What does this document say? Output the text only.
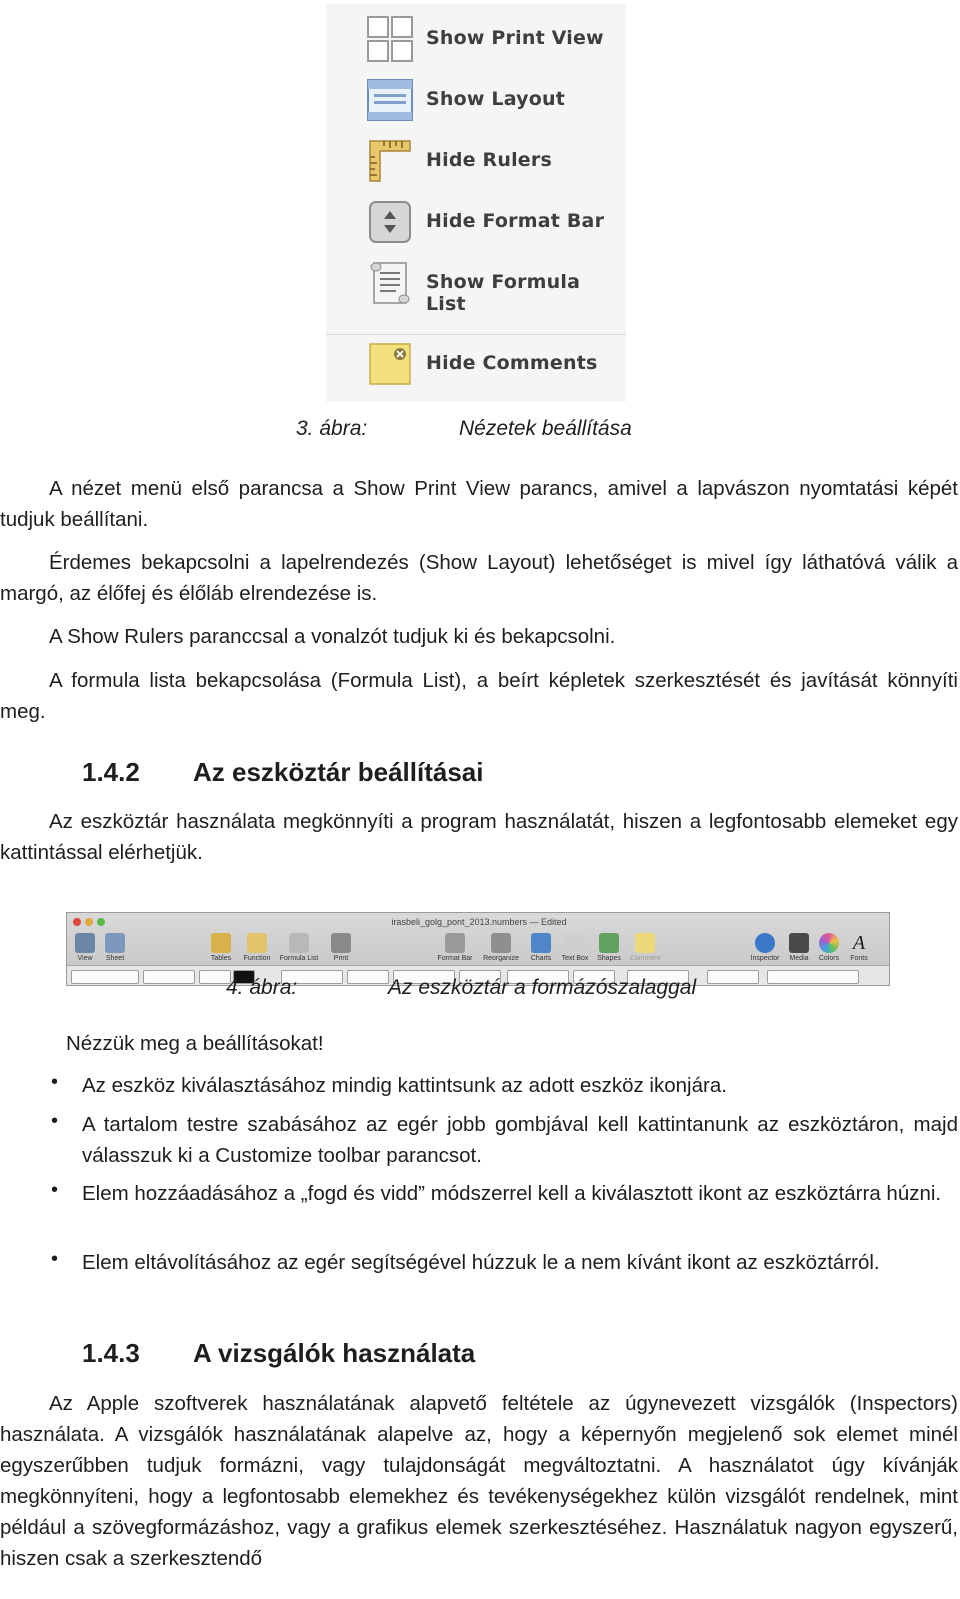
Show Print View
Show Layout
Hide Rulers
Hide Format Bar
Show Formula List
Hide Comments
3. ábra:	Nézetek beállítása

A nézet menü első parancsa a Show Print View parancs, amivel a lapvászon nyomtatási képét tudjuk beállítani.

Érdemes bekapcsolni a lapelrendezés (Show Layout) lehetőséget is mivel így láthatóvá válik a margó, az élőfej és élőláb elrendezése is.

A Show Rulers paranccsal a vonalzót tudjuk ki és bekapcsolni.

A formula lista bekapcsolása (Formula List), a beírt képletek szerkesztését és javítását könnyíti meg.

1.4.2 Az eszköztár beállításai

Az eszköztár használata megkönnyíti a program használatát, hiszen a legfontosabb elemeket egy kattintással elérhetjük.

irasbeli_golg_pont_2013.numbers — Edited
View	Sheet	Tables	Function	Formula List	Print	Format Bar	Reorganize	Charts	Text Box	Shapes	Comment	Inspector	Media	Colors
A
Fonts
4. ábra:	Az eszköztár a formázószalaggal
Nézzük meg a beállításokat!
• Az eszköz kiválasztásához mindig kattintsunk az adott eszköz ikonjára.

• A tartalom testre szabásához az egér jobb gombjával kell kattintanunk az eszköztáron, majd válasszuk ki a Customize toolbar parancsot.

• Elem hozzáadásához a „fogd és vidd” módszerrel kell a kiválasztott ikont az eszköztárra húzni.

• Elem eltávolításához az egér segítségével húzzuk le a nem kívánt ikont az eszköztárról.

1.4.3 A vizsgálók használata

Az Apple szoftverek használatának alapvető feltétele az úgynevezett vizsgálók (Inspectors) használata. A vizsgálók használatának alapelve az, hogy a képernyőn megjelenő sok elemet minél egyszerűbben tudjuk formázni, vagy tulajdonságát megváltoztatni. A használatot úgy kívánják megkönnyíteni, hogy a legfontosabb elemekhez és tevékenységekhez külön vizsgálót rendelnek, mint például a szövegformázáshoz, vagy a grafikus elemek szerkesztéséhez. Használatuk nagyon egyszerű, hiszen csak a szerkesztendő
